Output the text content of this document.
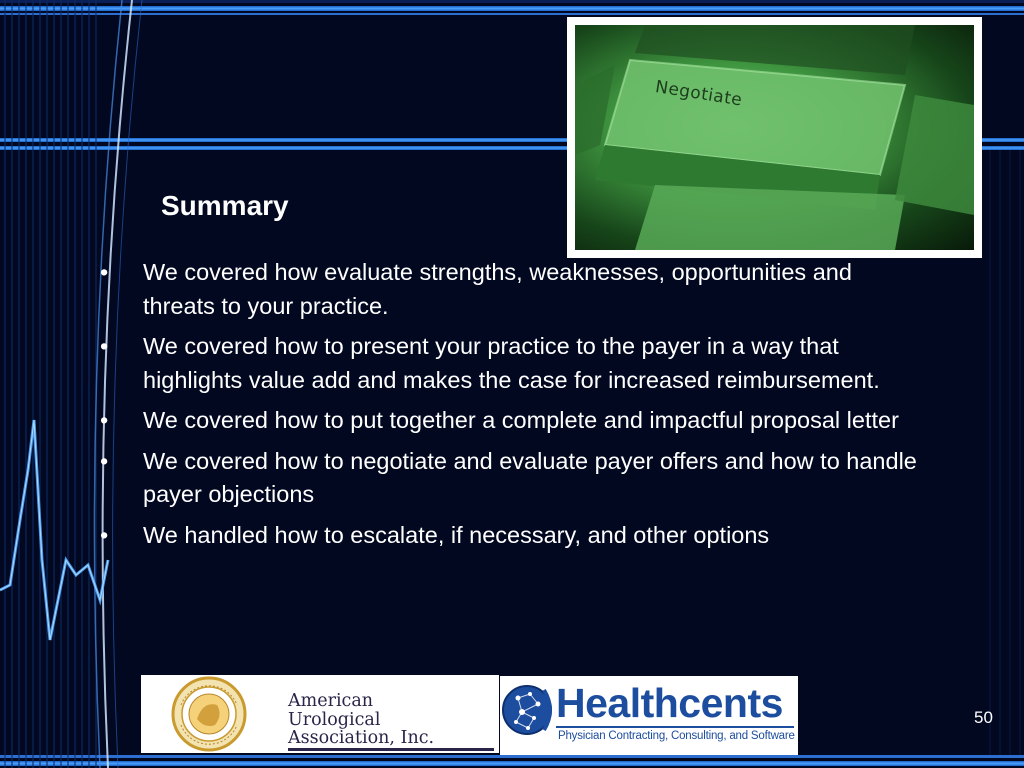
Negotiate
Summary
•	We covered how evaluate strengths, weaknesses, opportunities and threats to your practice.
•	We covered how to present your practice to the payer in a way that highlights value add and makes the case for increased reimbursement.
•	We covered how to put together a complete and impactful proposal letter
•	We covered how to negotiate and evaluate payer offers and how to handle payer objections
•	We handled how to escalate, if necessary, and other options
American
Urological
Association, Inc.
Healthcents
Physician Contracting, Consulting, and Software
50
